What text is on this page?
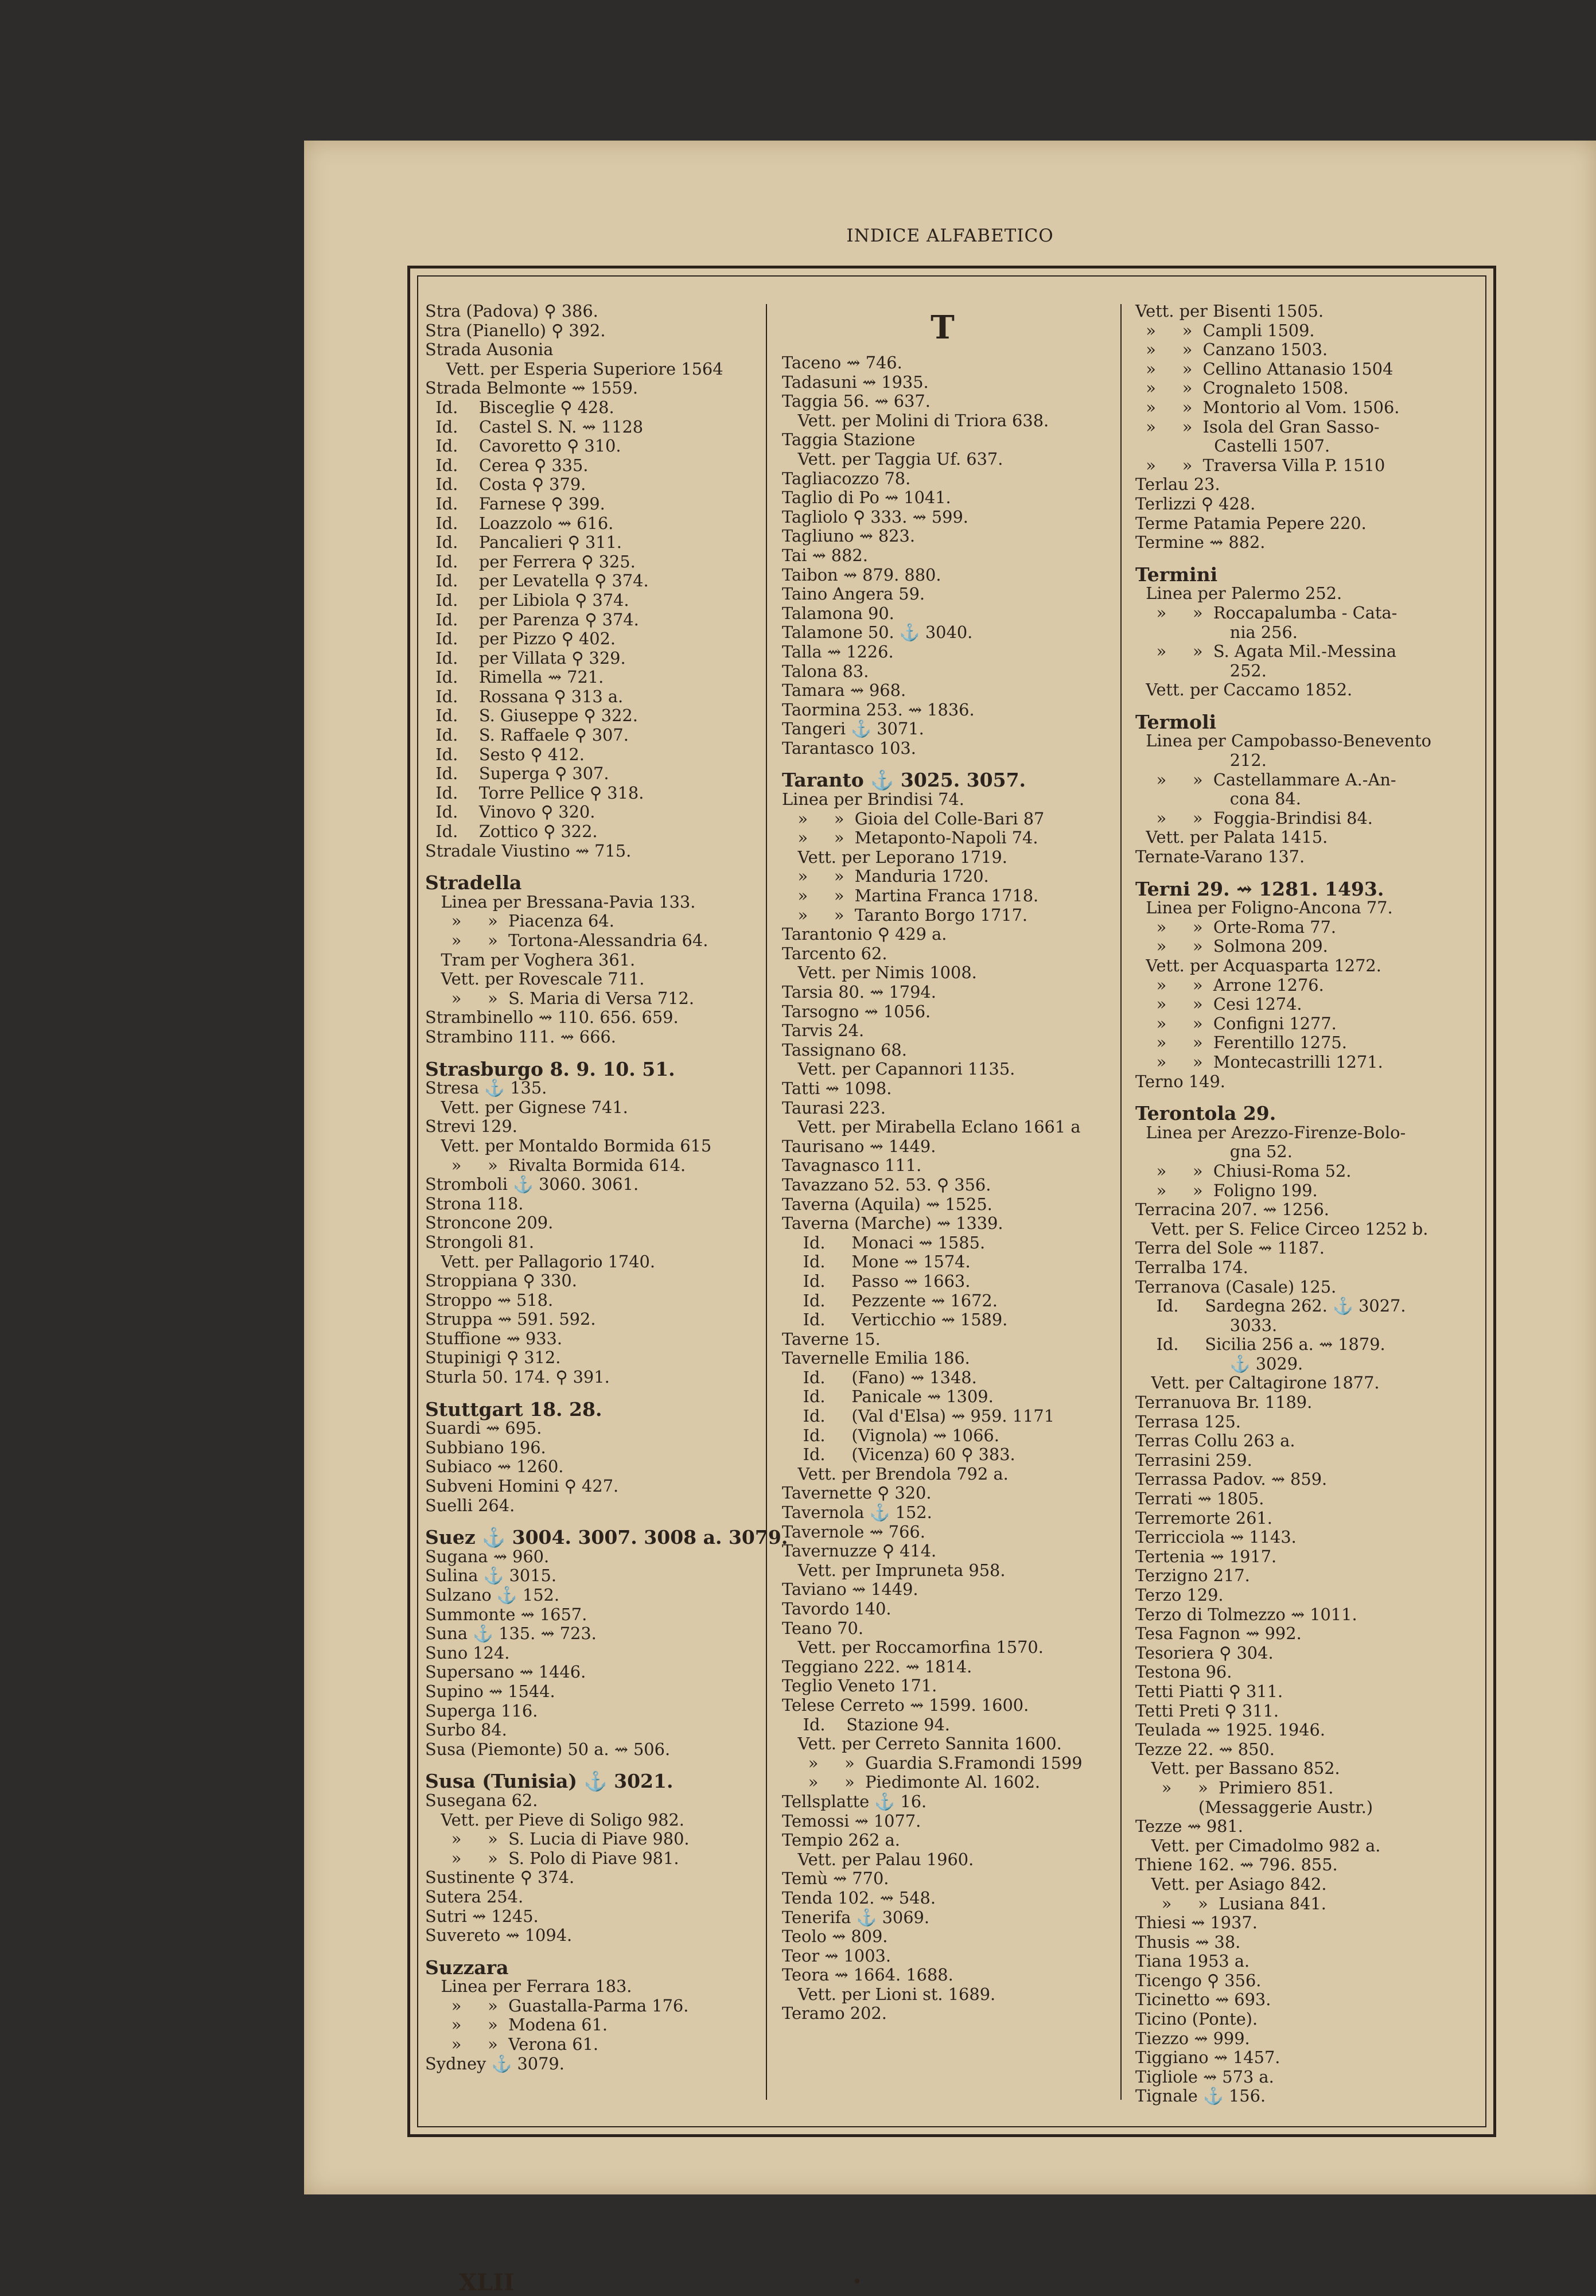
INDICE ALFABETICO
Stra (Padova) ⚲ 386.
Stra (Pianello) ⚲ 392.
Strada Ausonia
Vett. per Esperia Superiore 1564
Strada Belmonte ⇝ 1559.
Id.    Bisceglie ⚲ 428.
Id.    Castel S. N. ⇝ 1128
Id.    Cavoretto ⚲ 310.
Id.    Cerea ⚲ 335.
Id.    Costa ⚲ 379.
Id.    Farnese ⚲ 399.
Id.    Loazzolo ⇝ 616.
Id.    Pancalieri ⚲ 311.
Id.    per Ferrera ⚲ 325.
Id.    per Levatella ⚲ 374.
Id.    per Libiola ⚲ 374.
Id.    per Parenza ⚲ 374.
Id.    per Pizzo ⚲ 402.
Id.    per Villata ⚲ 329.
Id.    Rimella ⇝ 721.
Id.    Rossana ⚲ 313 a.
Id.    S. Giuseppe ⚲ 322.
Id.    S. Raffaele ⚲ 307.
Id.    Sesto ⚲ 412.
Id.    Superga ⚲ 307.
Id.    Torre Pellice ⚲ 318.
Id.    Vinovo ⚲ 320.
Id.    Zottico ⚲ 322.
Stradale Viustino ⇝ 715.
Stradella
Linea per Bressana-Pavia 133.
»     »  Piacenza 64.
»     »  Tortona-Alessandria 64.
Tram per Voghera 361.
Vett. per Rovescale 711.
»     »  S. Maria di Versa 712.
Strambinello ⇝ 110. 656. 659.
Strambino 111. ⇝ 666.
Strasburgo 8. 9. 10. 51.
Stresa ⚓ 135.
Vett. per Gignese 741.
Strevi 129.
Vett. per Montaldo Bormida 615
»     »  Rivalta Bormida 614.
Stromboli ⚓ 3060. 3061.
Strona 118.
Stroncone 209.
Strongoli 81.
Vett. per Pallagorio 1740.
Stroppiana ⚲ 330.
Stroppo ⇝ 518.
Struppa ⇝ 591. 592.
Stuffione ⇝ 933.
Stupinigi ⚲ 312.
Sturla 50. 174. ⚲ 391.
Stuttgart 18. 28.
Suardi ⇝ 695.
Subbiano 196.
Subiaco ⇝ 1260.
Subveni Homini ⚲ 427.
Suelli 264.
Suez ⚓ 3004. 3007. 3008 a. 3079.
Sugana ⇝ 960.
Sulina ⚓ 3015.
Sulzano ⚓ 152.
Summonte ⇝ 1657.
Suna ⚓ 135. ⇝ 723.
Suno 124.
Supersano ⇝ 1446.
Supino ⇝ 1544.
Superga 116.
Surbo 84.
Susa (Piemonte) 50 a. ⇝ 506.
Susa (Tunisia) ⚓ 3021.
Susegana 62.
Vett. per Pieve di Soligo 982.
»     »  S. Lucia di Piave 980.
»     »  S. Polo di Piave 981.
Sustinente ⚲ 374.
Sutera 254.
Sutri ⇝ 1245.
Suvereto ⇝ 1094.
Suzzara
Linea per Ferrara 183.
»     »  Guastalla-Parma 176.
»     »  Modena 61.
»     »  Verona 61.
Sydney ⚓ 3079.
T
Taceno ⇝ 746.
Tadasuni ⇝ 1935.
Taggia 56. ⇝ 637.
Vett. per Molini di Triora 638.
Taggia Stazione
Vett. per Taggia Uf. 637.
Tagliacozzo 78.
Taglio di Po ⇝ 1041.
Tagliolo ⚲ 333. ⇝ 599.
Tagliuno ⇝ 823.
Tai ⇝ 882.
Taibon ⇝ 879. 880.
Taino Angera 59.
Talamona 90.
Talamone 50. ⚓ 3040.
Talla ⇝ 1226.
Talona 83.
Tamara ⇝ 968.
Taormina 253. ⇝ 1836.
Tangeri ⚓ 3071.
Tarantasco 103.
Taranto ⚓ 3025. 3057.
Linea per Brindisi 74.
»     »  Gioia del Colle-Bari 87
»     »  Metaponto-Napoli 74.
Vett. per Leporano 1719.
»     »  Manduria 1720.
»     »  Martina Franca 1718.
»     »  Taranto Borgo 1717.
Tarantonio ⚲ 429 a.
Tarcento 62.
Vett. per Nimis 1008.
Tarsia 80. ⇝ 1794.
Tarsogno ⇝ 1056.
Tarvis 24.
Tassignano 68.
Vett. per Capannori 1135.
Tatti ⇝ 1098.
Taurasi 223.
Vett. per Mirabella Eclano 1661 a
Taurisano ⇝ 1449.
Tavagnasco 111.
Tavazzano 52. 53. ⚲ 356.
Taverna (Aquila) ⇝ 1525.
Taverna (Marche) ⇝ 1339.
Id.     Monaci ⇝ 1585.
Id.     Mone ⇝ 1574.
Id.     Passo ⇝ 1663.
Id.     Pezzente ⇝ 1672.
Id.     Verticchio ⇝ 1589.
Taverne 15.
Tavernelle Emilia 186.
Id.     (Fano) ⇝ 1348.
Id.     Panicale ⇝ 1309.
Id.     (Val d'Elsa) ⇝ 959. 1171
Id.     (Vignola) ⇝ 1066.
Id.     (Vicenza) 60 ⚲ 383.
Vett. per Brendola 792 a.
Tavernette ⚲ 320.
Tavernola ⚓ 152.
Tavernole ⇝ 766.
Tavernuzze ⚲ 414.
Vett. per Impruneta 958.
Taviano ⇝ 1449.
Tavordo 140.
Teano 70.
Vett. per Roccamorfina 1570.
Teggiano 222. ⇝ 1814.
Teglio Veneto 171.
Telese Cerreto ⇝ 1599. 1600.
Id.    Stazione 94.
Vett. per Cerreto Sannita 1600.
»     »  Guardia S.Framondi 1599
»     »  Piedimonte Al. 1602.
Tellsplatte ⚓ 16.
Temossi ⇝ 1077.
Tempio 262 a.
Vett. per Palau 1960.
Temù ⇝ 770.
Tenda 102. ⇝ 548.
Tenerifa ⚓ 3069.
Teolo ⇝ 809.
Teor ⇝ 1003.
Teora ⇝ 1664. 1688.
Vett. per Lioni st. 1689.
Teramo 202.
Vett. per Bisenti 1505.
»     »  Campli 1509.
»     »  Canzano 1503.
»     »  Cellino Attanasio 1504
»     »  Crognaleto 1508.
»     »  Montorio al Vom. 1506.
»     »  Isola del Gran Sasso-
Castelli 1507.
»     »  Traversa Villa P. 1510
Terlau 23.
Terlizzi ⚲ 428.
Terme Patamia Pepere 220.
Termine ⇝ 882.
Termini
Linea per Palermo 252.
»     »  Roccapalumba - Cata-
nia 256.
»     »  S. Agata Mil.-Messina
252.
Vett. per Caccamo 1852.
Termoli
Linea per Campobasso-Benevento
212.
»     »  Castellammare A.-An-
cona 84.
»     »  Foggia-Brindisi 84.
Vett. per Palata 1415.
Ternate-Varano 137.
Terni 29. ⇝ 1281. 1493.
Linea per Foligno-Ancona 77.
»     »  Orte-Roma 77.
»     »  Solmona 209.
Vett. per Acquasparta 1272.
»     »  Arrone 1276.
»     »  Cesi 1274.
»     »  Configni 1277.
»     »  Ferentillo 1275.
»     »  Montecastrilli 1271.
Terno 149.
Terontola 29.
Linea per Arezzo-Firenze-Bolo-
gna 52.
»     »  Chiusi-Roma 52.
»     »  Foligno 199.
Terracina 207. ⇝ 1256.
Vett. per S. Felice Circeo 1252 b.
Terra del Sole ⇝ 1187.
Terralba 174.
Terranova (Casale) 125.
Id.     Sardegna 262. ⚓ 3027.
3033.
Id.     Sicilia 256 a. ⇝ 1879.
⚓ 3029.
Vett. per Caltagirone 1877.
Terranuova Br. 1189.
Terrasa 125.
Terras Collu 263 a.
Terrasini 259.
Terrassa Padov. ⇝ 859.
Terrati ⇝ 1805.
Terremorte 261.
Terricciola ⇝ 1143.
Tertenia ⇝ 1917.
Terzigno 217.
Terzo 129.
Terzo di Tolmezzo ⇝ 1011.
Tesa Fagnon ⇝ 992.
Tesoriera ⚲ 304.
Testona 96.
Tetti Piatti ⚲ 311.
Tetti Preti ⚲ 311.
Teulada ⇝ 1925. 1946.
Tezze 22. ⇝ 850.
Vett. per Bassano 852.
»     »  Primiero 851.
(Messaggerie Austr.)
Tezze ⇝ 981.
Vett. per Cimadolmo 982 a.
Thiene 162. ⇝ 796. 855.
Vett. per Asiago 842.
»     »  Lusiana 841.
Thiesi ⇝ 1937.
Thusis ⇝ 38.
Tiana 1953 a.
Ticengo ⚲ 356.
Ticinetto ⇝ 693.
Ticino (Ponte).
Tiezzo ⇝ 999.
Tiggiano ⇝ 1457.
Tigliole ⇝ 573 a.
Tignale ⚓ 156.
XLII	•
